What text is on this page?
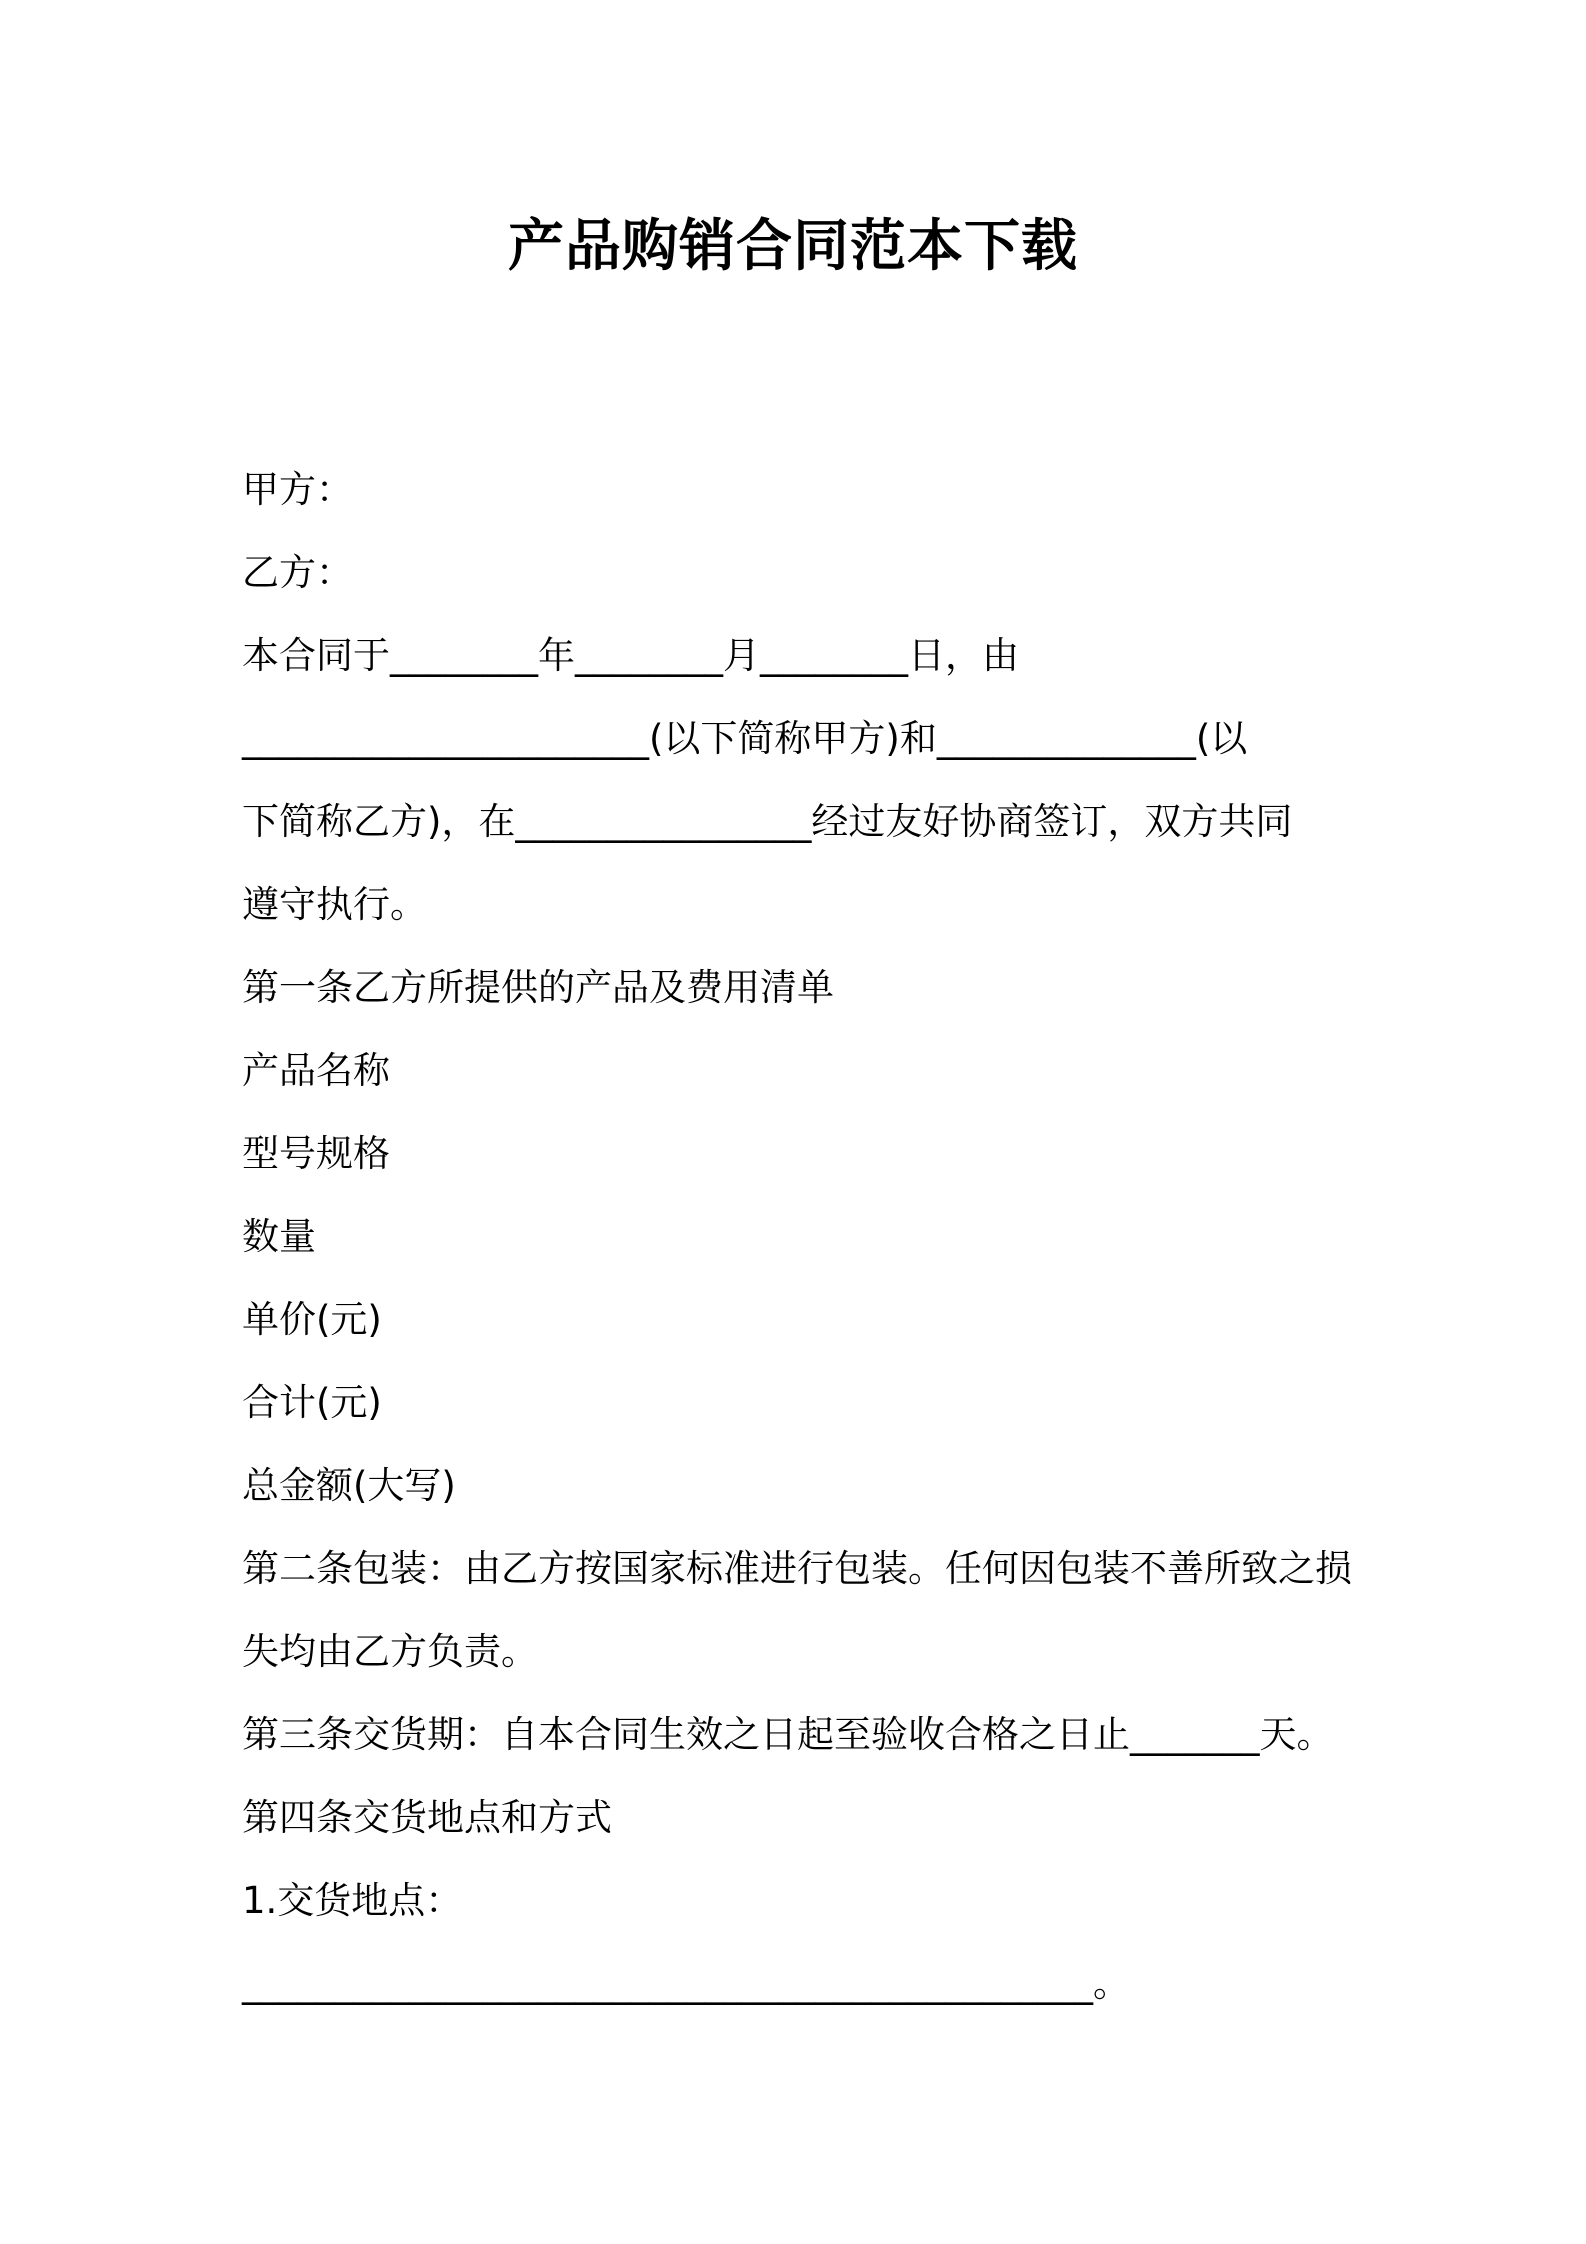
产品购销合同范本下载
甲方：
乙方：
本合同于________年________月________日，由
______________________(以下简称甲方)和______________(以
下简称乙方)，在________________经过友好协商签订，双方共同
遵守执行。
第一条乙方所提供的产品及费用清单
产品名称
型号规格
数量
单价(元)
合计(元)
总金额(大写)
第二条包装：由乙方按国家标准进行包装。任何因包装不善所致之损
失均由乙方负责。
第三条交货期：自本合同生效之日起至验收合格之日止_______天。
第四条交货地点和方式
1.交货地点：
______________________________________________。
